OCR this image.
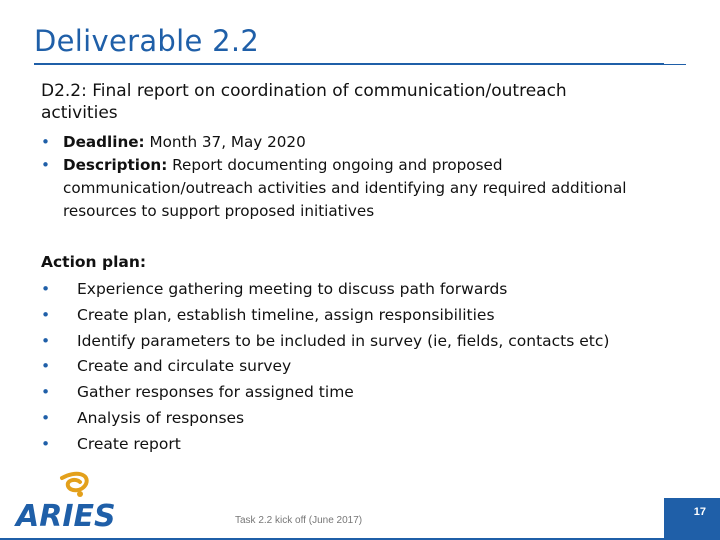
Deliverable 2.2
D2.2: Final report on coordination of communication/outreach activities
• Deadline: Month 37, May 2020
• Description: Report documenting ongoing and proposed communication/outreach activities and identifying any required additional resources to support proposed initiatives
Action plan:
• Experience gathering meeting to discuss path forwards
• Create plan, establish timeline, assign responsibilities
• Identify parameters to be included in survey (ie, fields, contacts etc)
• Create and circulate survey
• Gather responses for assigned time
• Analysis of responses
• Create report
ARIES	Task 2.2 kick off (June 2017)
17
